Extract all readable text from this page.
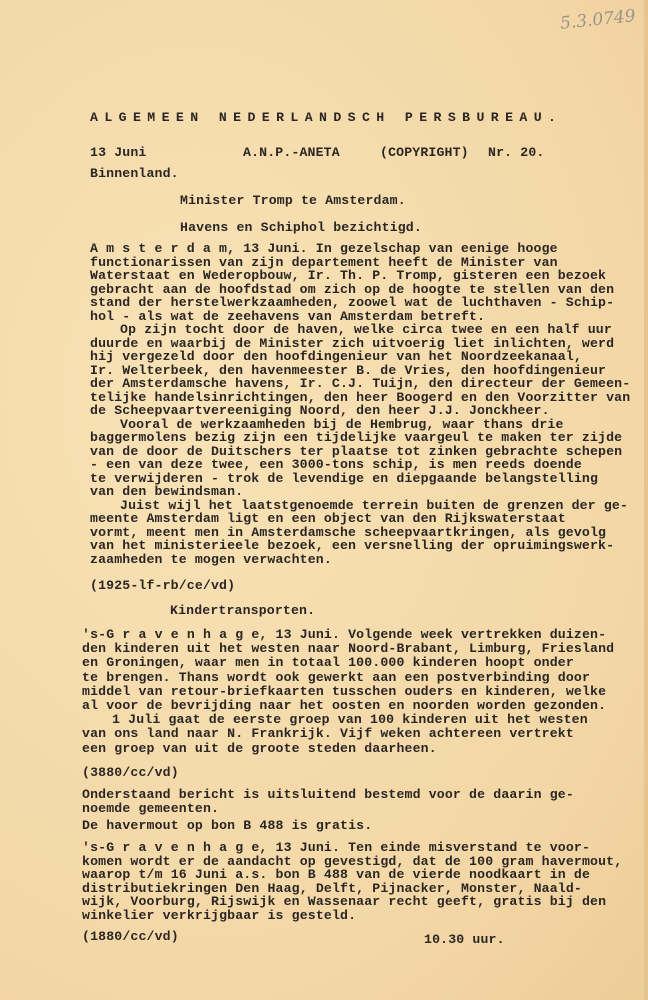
5.3.0749
ALGEMEEN NEDERLANDSCH PERSBUREAU.
13 Juni	A.N.P.-ANETA	(COPYRIGHT) Nr. 20.
Binnenland.
Minister Tromp te Amsterdam.
Havens en Schiphol bezichtigd.
A m s t e r d a m, 13 Juni. In gezelschap van eenige hooge
functionarissen van zijn departement heeft de Minister van
Waterstaat en Wederopbouw, Ir. Th. P. Tromp, gisteren een bezoek
gebracht aan de hoofdstad om zich op de hoogte te stellen van den
stand der herstelwerkzaamheden, zoowel wat de luchthaven - Schip-
hol - als wat de zeehavens van Amsterdam betreft.
Op zijn tocht door de haven, welke circa twee en een half uur
duurde en waarbij de Minister zich uitvoerig liet inlichten, werd
hij vergezeld door den hoofdingenieur van het Noordzeekanaal,
Ir. Welterbeek, den havenmeester B. de Vries, den hoofdingenieur
der Amsterdamsche havens, Ir. C.J. Tuijn, den directeur der Gemeen-
telijke handelsinrichtingen, den heer Boogerd en den Voorzitter van
de Scheepvaartvereeniging Noord, den heer J.J. Jonckheer.
Vooral de werkzaamheden bij de Hembrug, waar thans drie
baggermolens bezig zijn een tijdelijke vaargeul te maken ter zijde
van de door de Duitschers ter plaatse tot zinken gebrachte schepen
- een van deze twee, een 3000-tons schip, is men reeds doende
te verwijderen - trok de levendige en diepgaande belangstelling
van den bewindsman.
Juist wijl het laatstgenoemde terrein buiten de grenzen der ge-
meente Amsterdam ligt en een object van den Rijkswaterstaat
vormt, meent men in Amsterdamsche scheepvaartkringen, als gevolg
van het ministerieele bezoek, een versnelling der opruimingswerk-
zaamheden te mogen verwachten.
(1925-lf-rb/ce/vd)
Kindertransporten.
's-G r a v e n h a g e, 13 Juni. Volgende week vertrekken duizen-
den kinderen uit het westen naar Noord-Brabant, Limburg, Friesland
en Groningen, waar men in totaal 100.000 kinderen hoopt onder
te brengen. Thans wordt ook gewerkt aan een postverbinding door
middel van retour-briefkaarten tusschen ouders en kinderen, welke
al voor de bevrijding naar het oosten en noorden worden gezonden.
1 Juli gaat de eerste groep van 100 kinderen uit het westen
van ons land naar N. Frankrijk. Vijf weken achtereen vertrekt
een groep van uit de groote steden daarheen.
(3880/cc/vd)
Onderstaand bericht is uitsluitend bestemd voor de daarin ge-
noemde gemeenten.
De havermout op bon B 488 is gratis.
's-G r a v e n h a g e, 13 Juni. Ten einde misverstand te voor-
komen wordt er de aandacht op gevestigd, dat de 100 gram havermout,
waarop t/m 16 Juni a.s. bon B 488 van de vierde noodkaart in de
distributiekringen Den Haag, Delft, Pijnacker, Monster, Naald-
wijk, Voorburg, Rijswijk en Wassenaar recht geeft, gratis bij den
winkelier verkrijgbaar is gesteld.
(1880/cc/vd)	10.30 uur.
